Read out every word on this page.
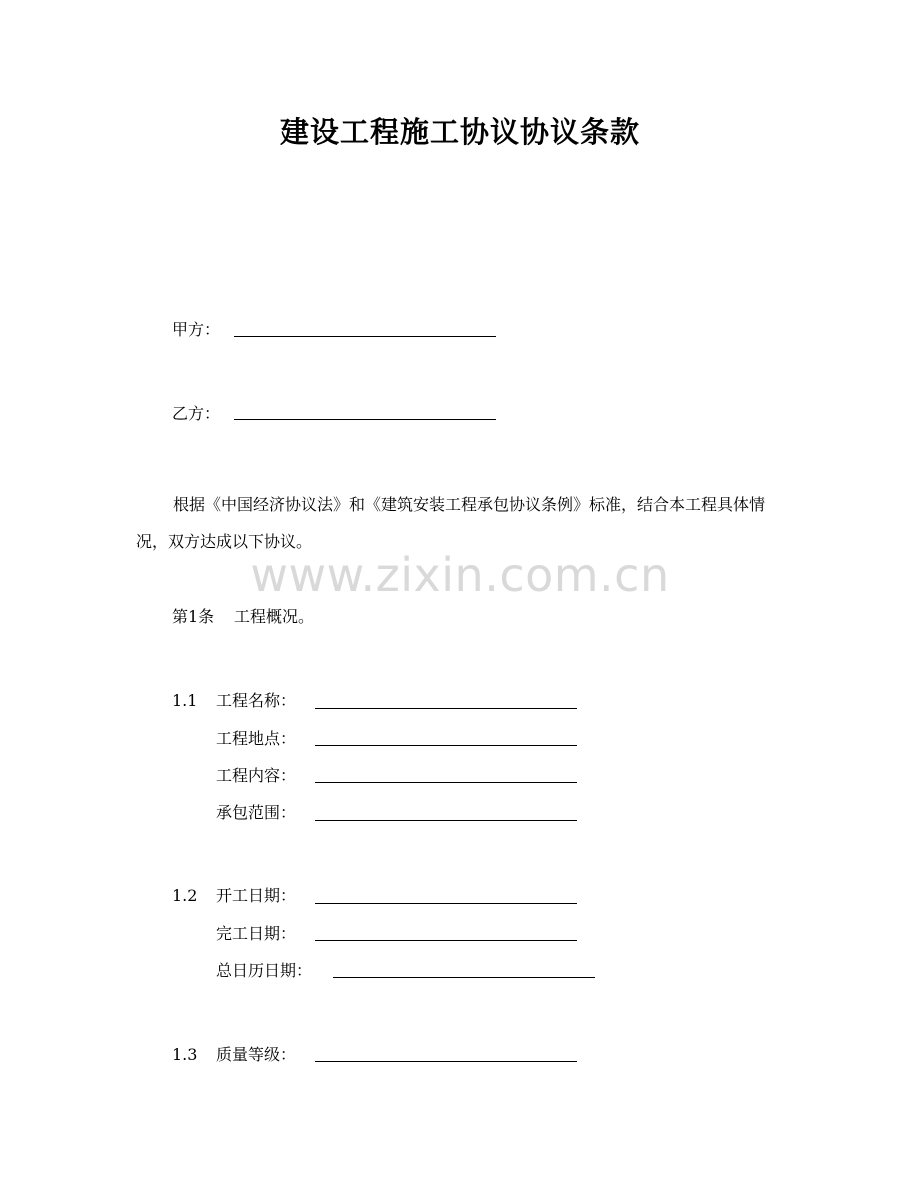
建设工程施工协议协议条款
甲方：
乙方：
根据《中国经济协议法》和《建筑安装工程承包协议条例》标准，结合本工程具体情况，双方达成以下协议。
www.zixin.com.cn
第1条 工程概况。
1.1 工程名称：
工程地点：
工程内容：
承包范围：
1.2 开工日期：
完工日期：
总日历日期：
1.3 质量等级：
